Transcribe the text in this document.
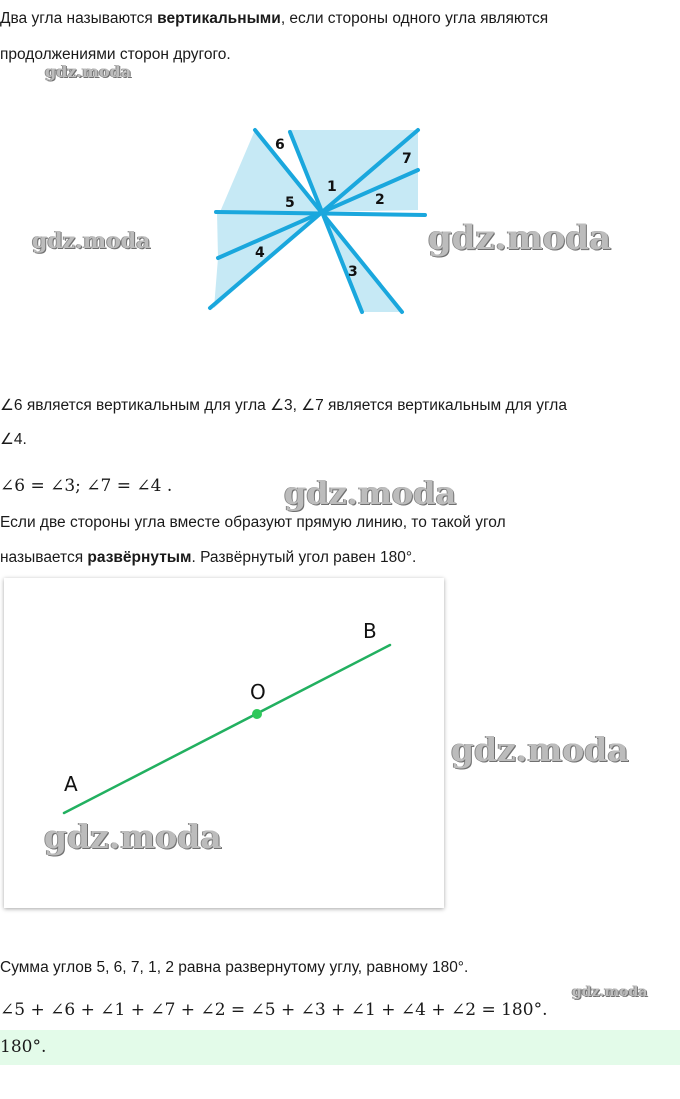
Два угла называются вертикальными, если стороны одного угла являются
продолжениями сторон другого.
gdz.moda
gdz.moda	gdz.moda
gdz.moda
gdz.moda
gdz.moda
6
7
1
2
5
4
3
∠6 является вертикальным для угла ∠3, ∠7 является вертикальным для угла
∠4.
∠6 = ∠3; ∠7 = ∠4 .
Если две стороны угла вместе образуют прямую линию, то такой угол
называется развёрнутым. Развёрнутый угол равен 180°.
A
O
B
gdz.moda
Сумма углов 5, 6, 7, 1, 2 равна развернутому углу, равному 180°.
∠5 + ∠6 + ∠1 + ∠7 + ∠2 = ∠5 + ∠3 + ∠1 + ∠4 + ∠2 = 180°.
180°.
